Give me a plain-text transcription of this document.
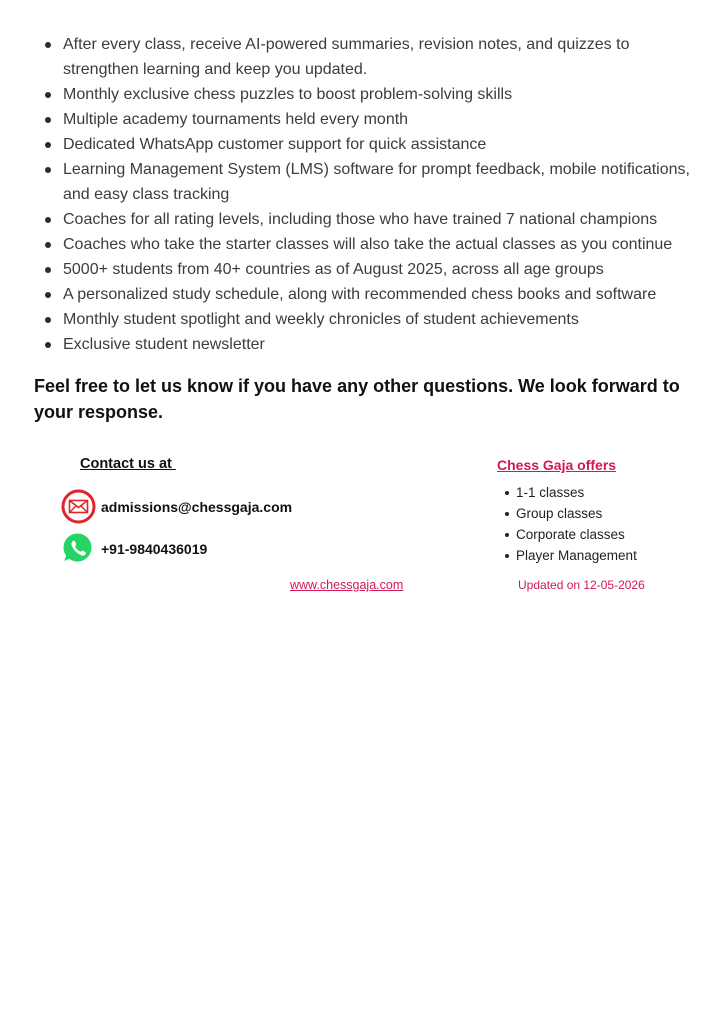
After every class, receive AI-powered summaries, revision notes, and quizzes to strengthen learning and keep you updated.
Monthly exclusive chess puzzles to boost problem-solving skills
Multiple academy tournaments held every month
Dedicated WhatsApp customer support for quick assistance
Learning Management System (LMS) software for prompt feedback, mobile notifications, and easy class tracking
Coaches for all rating levels, including those who have trained 7 national champions
Coaches who take the starter classes will also take the actual classes as you continue
5000+ students from 40+ countries as of August 2025, across all age groups
A personalized study schedule, along with recommended chess books and software
Monthly student spotlight and weekly chronicles of student achievements
Exclusive student newsletter

Feel free to let us know if you have any other questions. We look forward to your response.

Contact us at
admissions@chessgaja.com
+91-9840436019
www.chessgaja.com
Chess Gaja offers
1-1 classes
Group classes
Corporate classes
Player Management
Updated on 12-05-2026
